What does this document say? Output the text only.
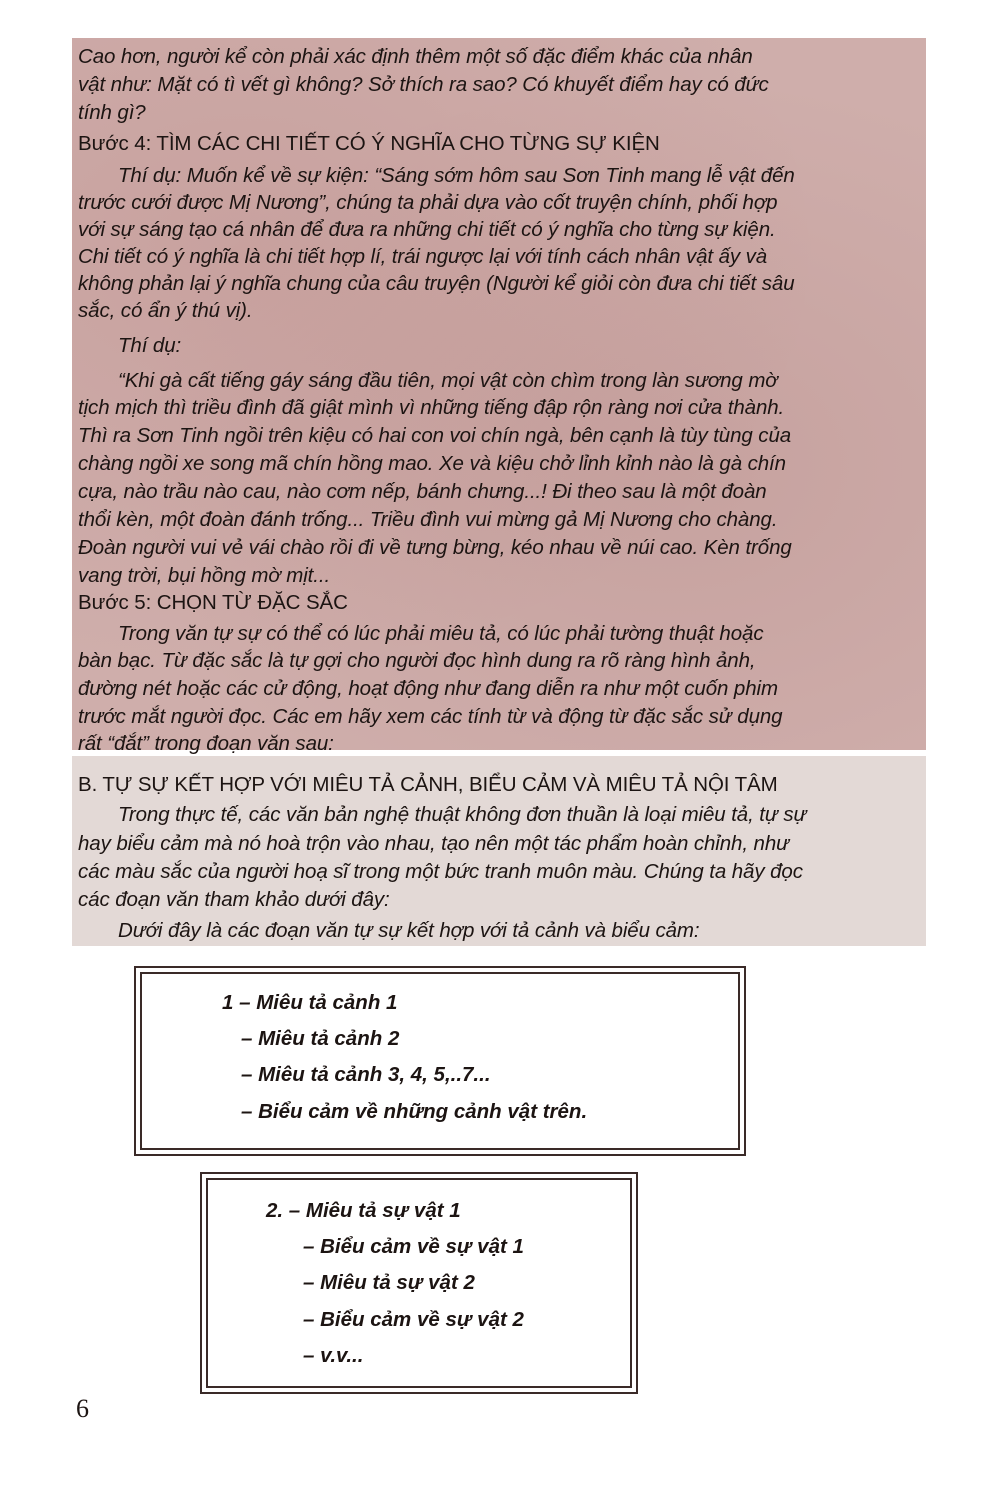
Cao hơn, người kể còn phải xác định thêm một số đặc điểm khác của nhân
vật như: Mặt có tì vết gì không? Sở thích ra sao? Có khuyết điểm hay có đức
tính gì?
Bước 4: TÌM CÁC CHI TIẾT CÓ Ý NGHĨA CHO TỪNG SỰ KIỆN
Thí dụ: Muốn kể về sự kiện: “Sáng sớm hôm sau Sơn Tinh mang lễ vật đến
trước cưới được Mị Nương”, chúng ta phải dựa vào cốt truyện chính, phối hợp
với sự sáng tạo cá nhân để đưa ra những chi tiết có ý nghĩa cho từng sự kiện.
Chi tiết có ý nghĩa là chi tiết hợp lí, trái ngược lại với tính cách nhân vật ấy và
không phản lại ý nghĩa chung của câu truyện (Người kể giỏi còn đưa chi tiết sâu
sắc, có ẩn ý thú vị).
Thí dụ:
“Khi gà cất tiếng gáy sáng đầu tiên, mọi vật còn chìm trong làn sương mờ
tịch mịch thì triều đình đã giật mình vì những tiếng đập rộn ràng nơi cửa thành.
Thì ra Sơn Tinh ngồi trên kiệu có hai con voi chín ngà, bên cạnh là tùy tùng của
chàng ngồi xe song mã chín hồng mao. Xe và kiệu chở lỉnh kỉnh nào là gà chín
cựa, nào trầu nào cau, nào cơm nếp, bánh chưng...! Đi theo sau là một đoàn
thổi kèn, một đoàn đánh trống... Triều đình vui mừng gả Mị Nương cho chàng.
Đoàn người vui vẻ vái chào rồi đi về tưng bừng, kéo nhau về núi cao. Kèn trống
vang trời, bụi hồng mờ mịt...
Bước 5: CHỌN TỪ ĐẶC SẮC
Trong văn tự sự có thể có lúc phải miêu tả, có lúc phải tường thuật hoặc
bàn bạc. Từ đặc sắc là tự gợi cho người đọc hình dung ra rõ ràng hình ảnh,
đường nét hoặc các cử động, hoạt động như đang diễn ra như một cuốn phim
trước mắt người đọc. Các em hãy xem các tính từ và động từ đặc sắc sử dụng
rất “đắt” trong đoạn văn sau:
B. TỰ SỰ KẾT HỢP VỚI MIÊU TẢ CẢNH, BIỂU CẢM VÀ MIÊU TẢ NỘI TÂM
Trong thực tế, các văn bản nghệ thuật không đơn thuần là loại miêu tả, tự sự
hay biểu cảm mà nó hoà trộn vào nhau, tạo nên một tác phẩm hoàn chỉnh, như
các màu sắc của người hoạ sĩ trong một bức tranh muôn màu. Chúng ta hãy đọc
các đoạn văn tham khảo dưới đây:
Dưới đây là các đoạn văn tự sự kết hợp với tả cảnh và biểu cảm:
1 – Miêu tả cảnh 1
– Miêu tả cảnh 2
– Miêu tả cảnh 3, 4, 5,..7...
– Biểu cảm về những cảnh vật trên.
2. – Miêu tả sự vật 1
– Biểu cảm về sự vật 1
– Miêu tả sự vật 2
– Biểu cảm về sự vật 2
– v.v...
6
